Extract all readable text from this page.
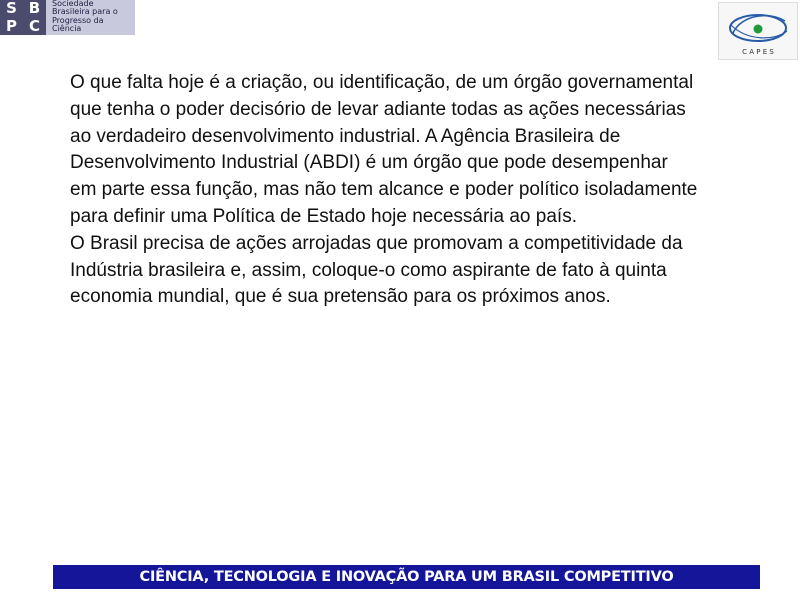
S B
P C
Sociedade
Brasileira para o
Progresso da
Ciência
C A P E S

O que falta hoje é a criação, ou identificação, de um órgão governamental

que tenha o poder decisório de levar adiante todas as ações necessárias

ao verdadeiro desenvolvimento industrial. A Agência Brasileira de

Desenvolvimento Industrial (ABDI) é um órgão que pode desempenhar

em parte essa função, mas não tem alcance e poder político isoladamente

para definir uma Política de Estado hoje necessária ao país.

O Brasil precisa de ações arrojadas que promovam a competitividade da

Indústria brasileira e, assim, coloque-o como aspirante de fato à quinta

economia mundial, que é sua pretensão para os próximos anos.

CIÊNCIA, TECNOLOGIA E INOVAÇÃO PARA UM BRASIL COMPETITIVO
